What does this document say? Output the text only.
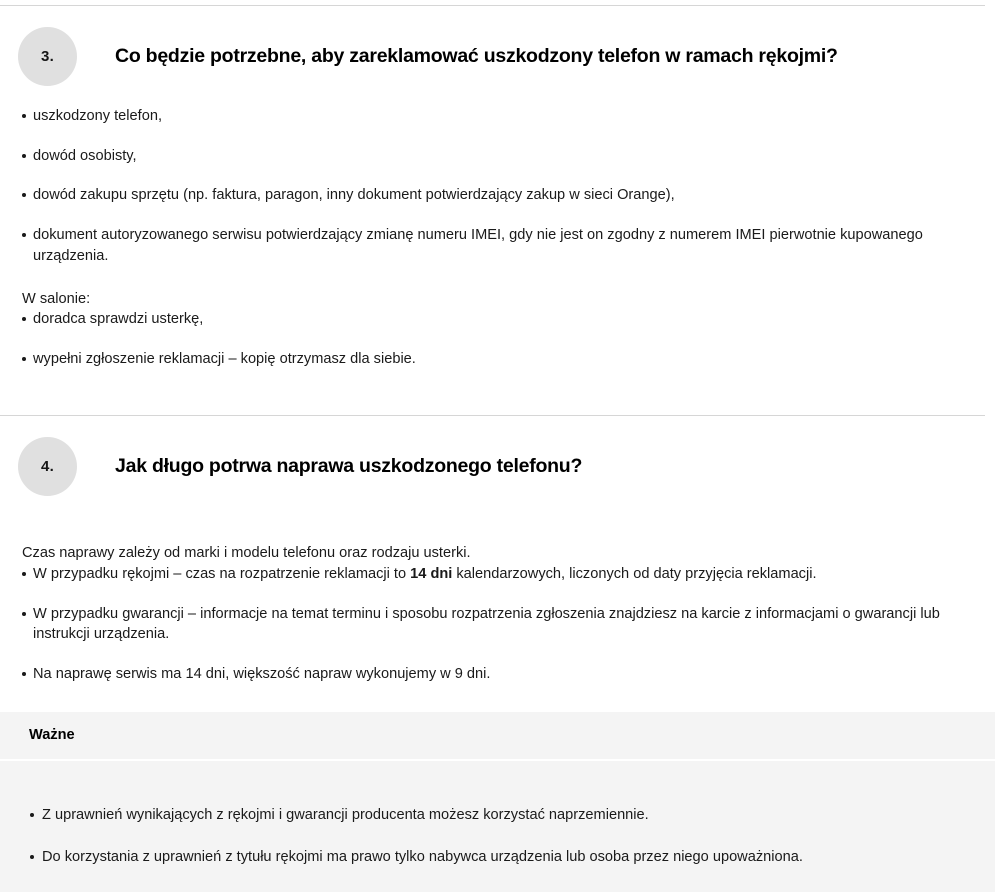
3.	Co będzie potrzebne, aby zareklamować uszkodzony telefon w ramach rękojmi?
uszkodzony telefon,
dowód osobisty,
dowód zakupu sprzętu (np. faktura, paragon, inny dokument potwierdzający zakup w sieci Orange),
dokument autoryzowanego serwisu potwierdzający zmianę numeru IMEI, gdy nie jest on zgodny z numerem IMEI pierwotnie kupowanego urządzenia.

W salonie:

doradca sprawdzi usterkę,
wypełni zgłoszenie reklamacji – kopię otrzymasz dla siebie.
4.	Jak długo potrwa naprawa uszkodzonego telefonu?

Czas naprawy zależy od marki i modelu telefonu oraz rodzaju usterki.

W przypadku rękojmi – czas na rozpatrzenie reklamacji to 14 dni kalendarzowych, liczonych od daty przyjęcia reklamacji.
W przypadku gwarancji – informacje na temat terminu i sposobu rozpatrzenia zgłoszenia znajdziesz na karcie z informacjami o gwarancji lub instrukcji urządzenia.
Na naprawę serwis ma 14 dni, większość napraw wykonujemy w 9 dni.
Ważne
Z uprawnień wynikających z rękojmi i gwarancji producenta możesz korzystać naprzemiennie.
Do korzystania z uprawnień z tytułu rękojmi ma prawo tylko nabywca urządzenia lub osoba przez niego upoważniona.
